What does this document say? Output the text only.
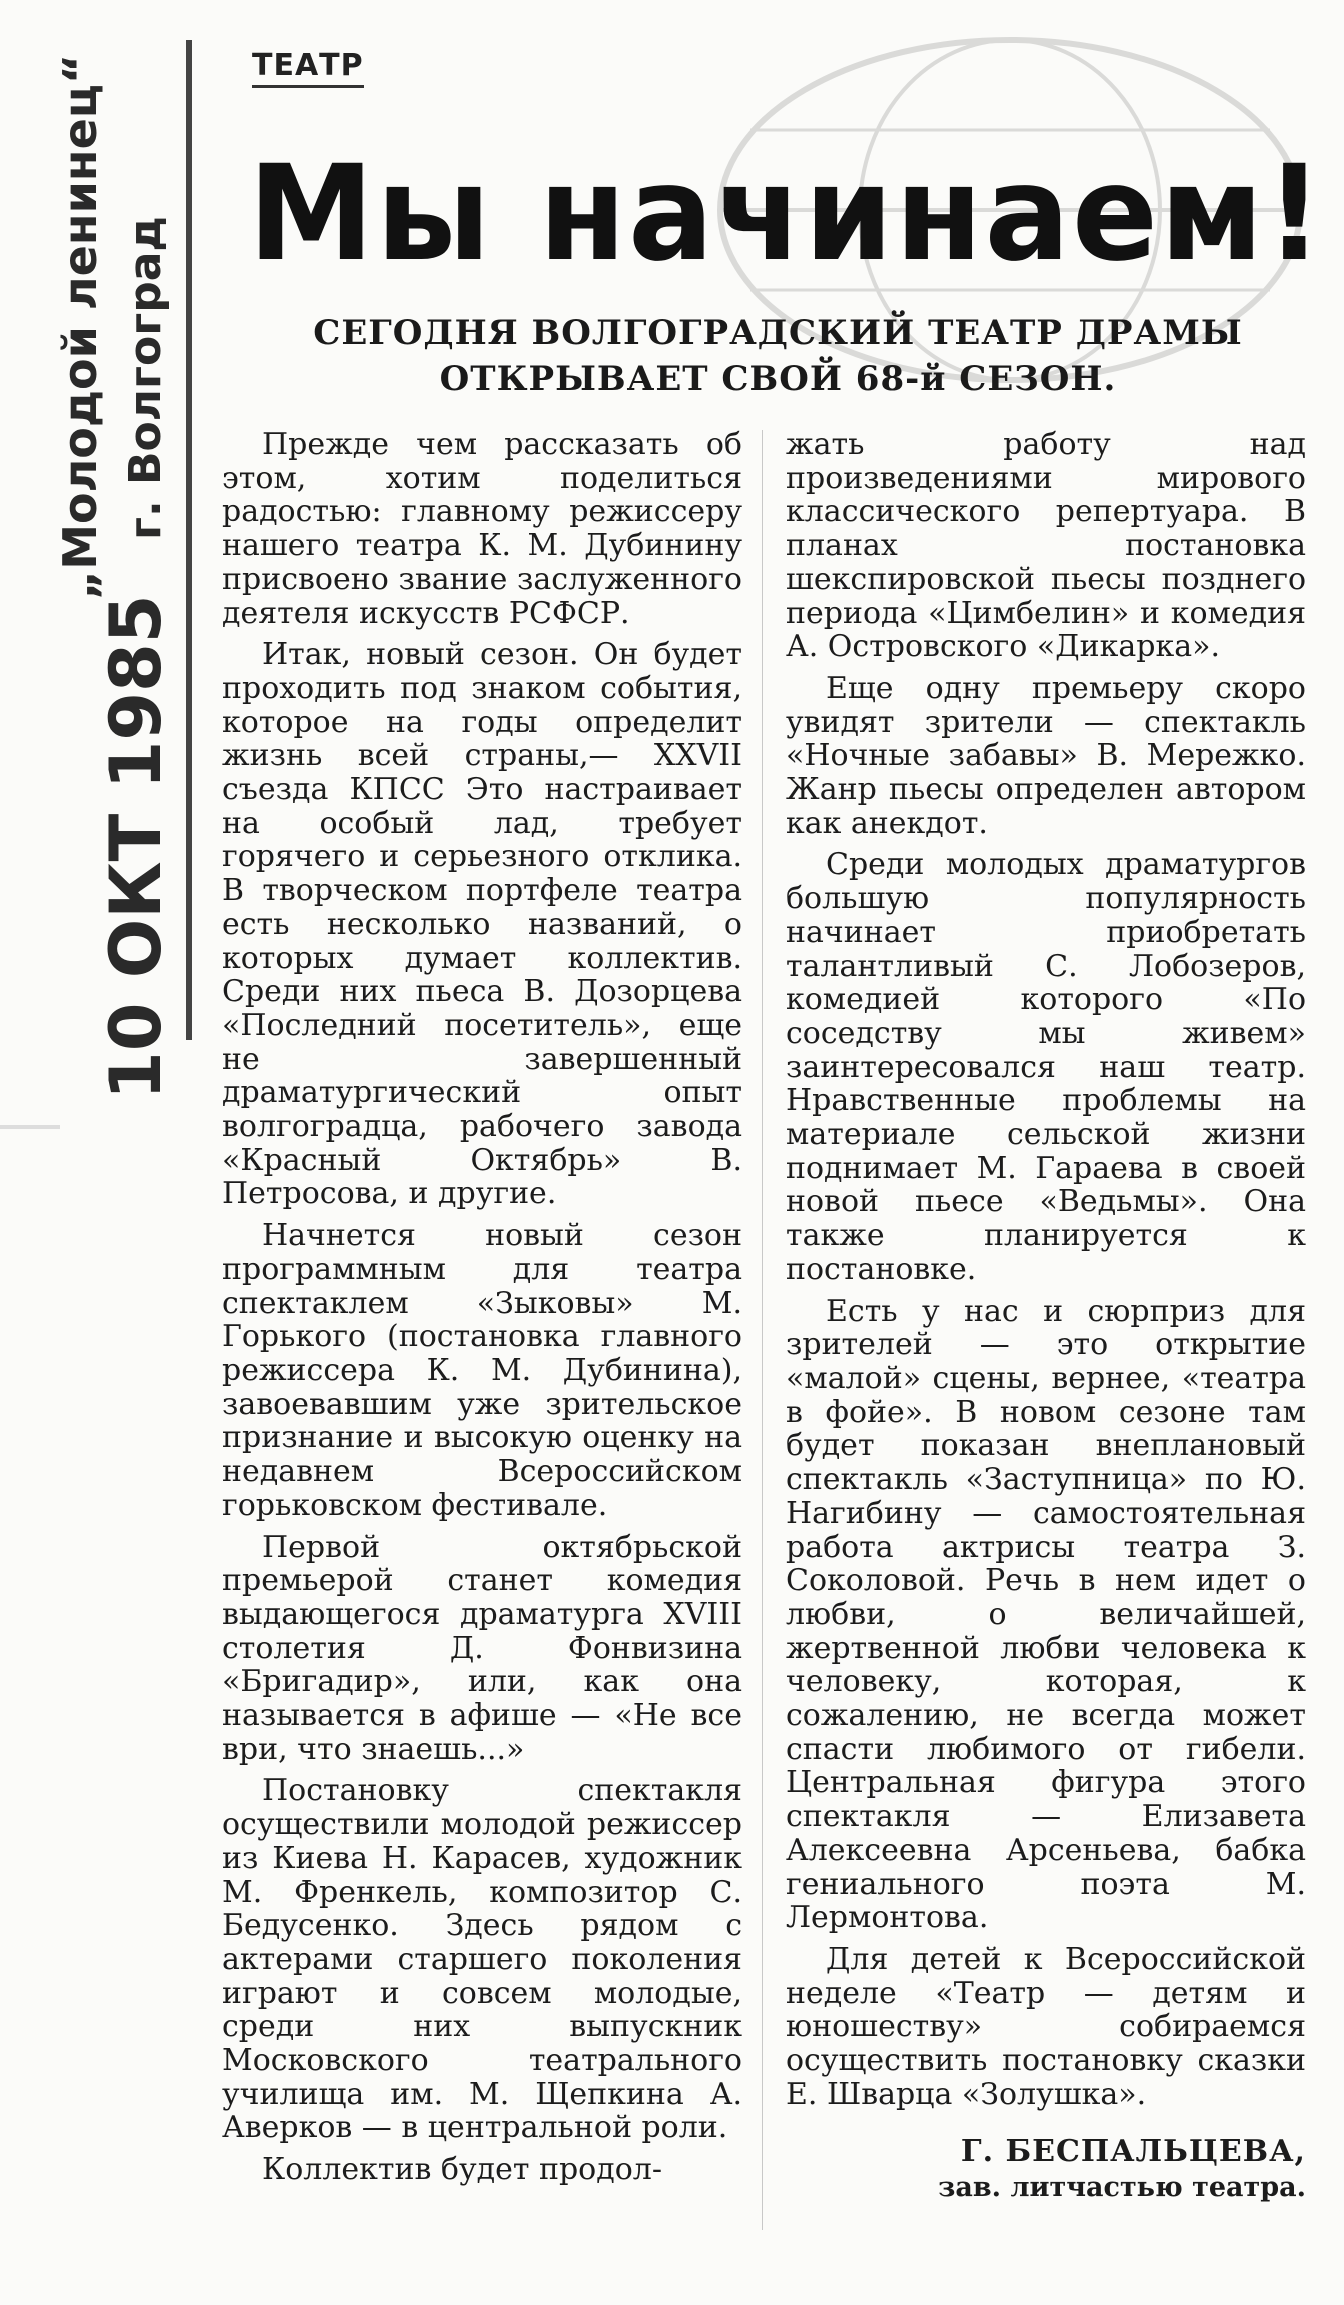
„Молодой ленинец“ г. Волгоград
10 ОКТ 1985
ТЕАТР
Мы начинаем!
СЕГОДНЯ ВОЛГОГРАДСКИЙ ТЕАТР ДРАМЫ ОТКРЫВАЕТ СВОЙ 68-й СЕЗОН.

Прежде чем рассказать об этом, хотим поделиться радостью: главному режиссеру нашего театра К. М. Дубинину присвоено звание заслуженного деятеля искусств РСФСР.

Итак, новый сезон. Он будет проходить под знаком события, которое на годы определит жизнь всей страны,— XXVII съезда КПСС Это настраивает на особый лад, требует горячего и серьезного отклика. В творческом портфеле театра есть несколько названий, о которых думает коллектив. Среди них пьеса В. Дозорцева «Последний посетитель», еще не завершенный драматургический опыт волгоградца, рабочего завода «Красный Октябрь» В. Петросова, и другие.

Начнется новый сезон программным для театра спектаклем «Зыковы» М. Горького (постановка главного режиссера К. М. Дубинина), завоевавшим уже зрительское признание и высокую оценку на недавнем Всероссийском горьковском фестивале.

Первой октябрьской премьерой станет комедия выдающегося драматурга XVIII столетия Д. Фонвизина «Бригадир», или, как она называется в афише — «Не все ври, что знаешь...»

Постановку спектакля осуществили молодой режиссер из Киева Н. Карасев, художник М. Френкель, композитор С. Бедусенко. Здесь рядом с актерами старшего поколения играют и совсем молодые, среди них выпускник Московского театрального училища им. М. Щепкина А. Аверков — в центральной роли.

Коллектив будет продол-

жать работу над произведениями мирового классического репертуара. В планах постановка шекспировской пьесы позднего периода «Цимбелин» и комедия А. Островского «Дикарка».

Еще одну премьеру скоро увидят зрители — спектакль «Ночные забавы» В. Мережко. Жанр пьесы определен автором как анекдот.

Среди молодых драматургов большую популярность начинает приобретать талантливый С. Лобозеров, комедией которого «По соседству мы живем» заинтересовался наш театр. Нравственные проблемы на материале сельской жизни поднимает М. Гараева в своей новой пьесе «Ведьмы». Она также планируется к постановке.

Есть у нас и сюрприз для зрителей — это открытие «малой» сцены, вернее, «театра в фойе». В новом сезоне там будет показан внеплановый спектакль «Заступница» по Ю. Нагибину — самостоятельная работа актрисы театра З. Соколовой. Речь в нем идет о любви, о величайшей, жертвенной любви человека к человеку, которая, к сожалению, не всегда может спасти любимого от гибели. Центральная фигура этого спектакля — Елизавета Алексеевна Арсеньева, бабка гениального поэта М. Лермонтова.

Для детей к Всероссийской неделе «Театр — детям и юношеству» собираемся осуществить постановку сказки Е. Шварца «Золушка».

Г. БЕСПАЛЬЦЕВА,
зав. литчастью театра.
